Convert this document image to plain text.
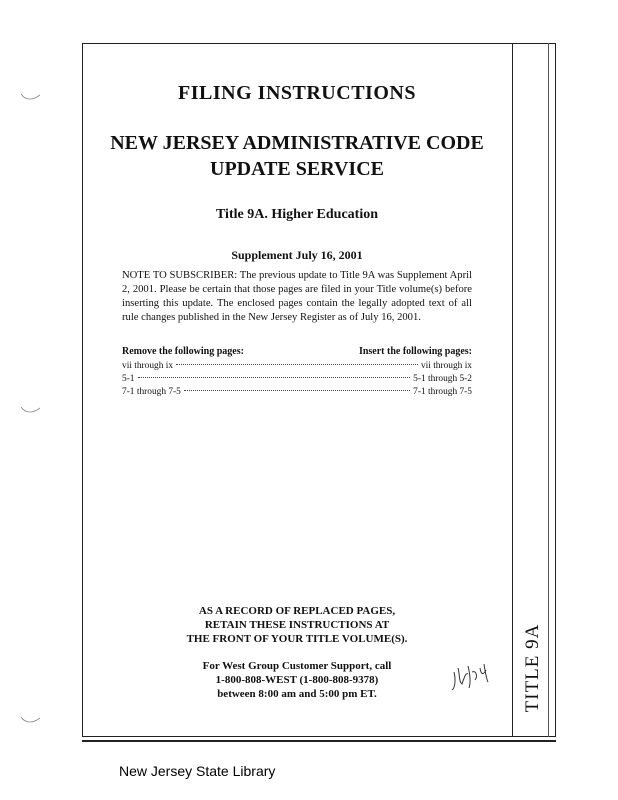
TITLE 9A
FILING INSTRUCTIONS
NEW JERSEY ADMINISTRATIVE CODE
UPDATE SERVICE
Title 9A. Higher Education
Supplement July 16, 2001
NOTE TO SUBSCRIBER: The previous update to Title 9A was Supplement April 2, 2001. Please be certain that those pages are filed in your Title volume(s) before inserting this update. The enclosed pages contain the legally adopted text of all rule changes published in the New Jersey Register as of July 16, 2001.
Remove the following pages:	Insert the following pages:
vii through ix	vii through ix
5-1	5-1 through 5-2
7-1 through 7-5	7-1 through 7-5
AS A RECORD OF REPLACED PAGES,
RETAIN THESE INSTRUCTIONS AT
THE FRONT OF YOUR TITLE VOLUME(S).
For West Group Customer Support, call
1-800-808-WEST (1-800-808-9378)
between 8:00 am and 5:00 pm ET.
New Jersey State Library
